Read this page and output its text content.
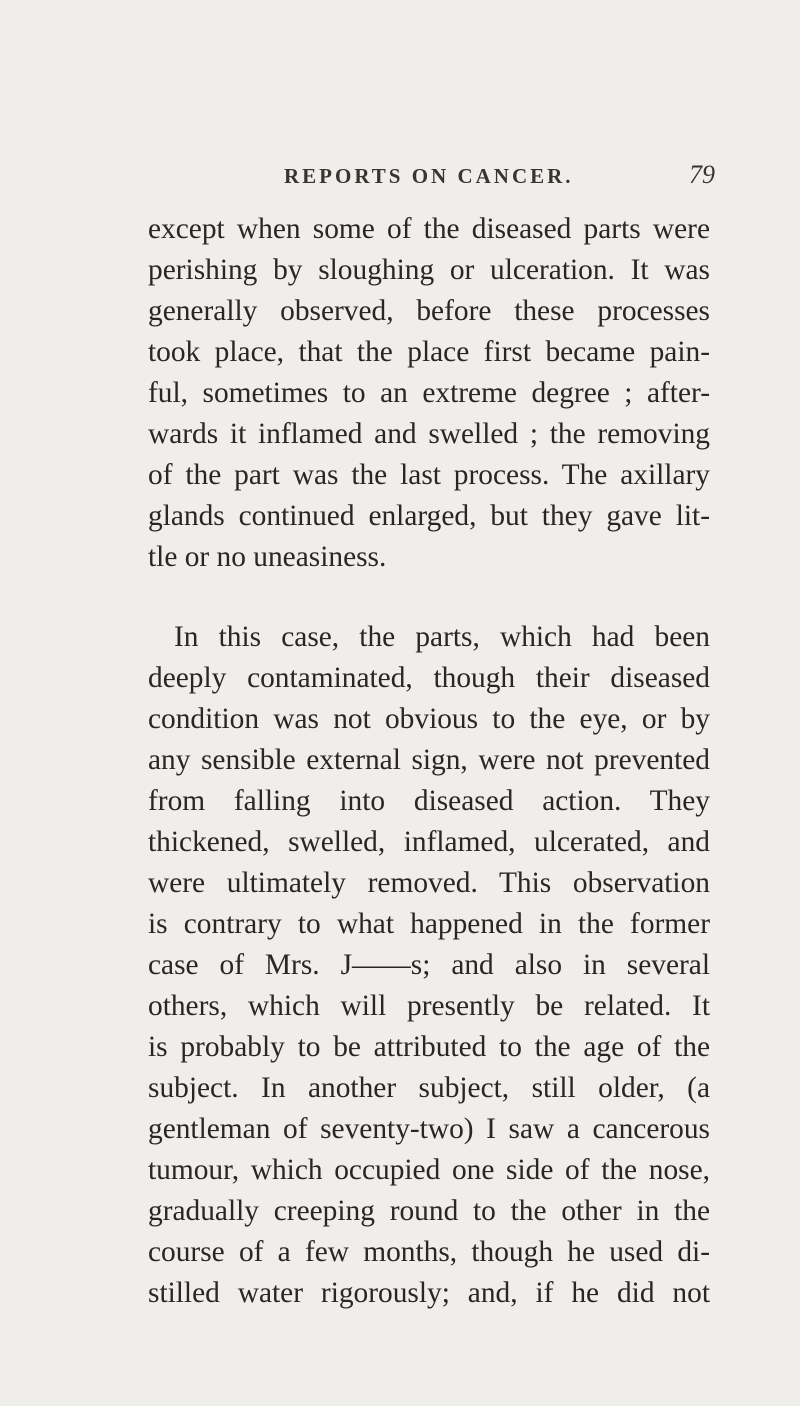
REPORTS ON CANCER.	79
except when some of the diseased parts were
perishing by sloughing or ulceration. It was
generally observed, before these processes
took place, that the place first became pain-
ful, sometimes to an extreme degree ; after-
wards it inflamed and swelled ; the removing
of the part was the last process. The axillary
glands continued enlarged, but they gave lit-
tle or no uneasiness.
In this case, the parts, which had been
deeply contaminated, though their diseased
condition was not obvious to the eye, or by
any sensible external sign, were not prevented
from falling into diseased action. They
thickened, swelled, inflamed, ulcerated, and
were ultimately removed. This observation
is contrary to what happened in the former
case of Mrs. J——s; and also in several
others, which will presently be related. It
is probably to be attributed to the age of the
subject. In another subject, still older, (a
gentleman of seventy-two) I saw a cancerous
tumour, which occupied one side of the nose,
gradually creeping round to the other in the
course of a few months, though he used di-
stilled water rigorously; and, if he did not
